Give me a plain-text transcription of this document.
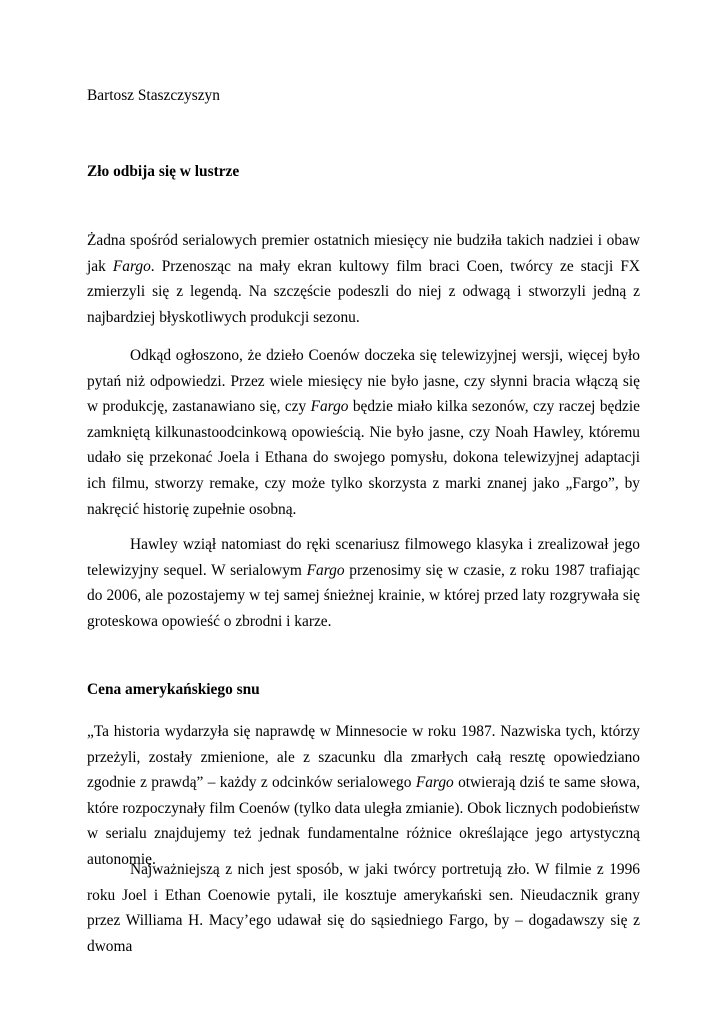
Bartosz Staszczyszyn
Zło odbija się w lustrze

Żadna spośród serialowych premier ostatnich miesięcy nie budziła takich nadziei i obaw jak Fargo. Przenosząc na mały ekran kultowy film braci Coen, twórcy ze stacji FX zmierzyli się z legendą. Na szczęście podeszli do niej z odwagą i stworzyli jedną z najbardziej błyskotliwych produkcji sezonu.

Odkąd ogłoszono, że dzieło Coenów doczeka się telewizyjnej wersji, więcej było pytań niż odpowiedzi. Przez wiele miesięcy nie było jasne, czy słynni bracia włączą się w produkcję, zastanawiano się, czy Fargo będzie miało kilka sezonów, czy raczej będzie zamkniętą kilkunastoodcinkową opowieścią. Nie było jasne, czy Noah Hawley, któremu udało się przekonać Joela i Ethana do swojego pomysłu, dokona telewizyjnej adaptacji ich filmu, stworzy remake, czy może tylko skorzysta z marki znanej jako „Fargo”, by nakręcić historię zupełnie osobną.

Hawley wziął natomiast do ręki scenariusz filmowego klasyka i zrealizował jego telewizyjny sequel. W serialowym Fargo przenosimy się w czasie, z roku 1987 trafiając do 2006, ale pozostajemy w tej samej śnieżnej krainie, w której przed laty rozgrywała się groteskowa opowieść o zbrodni i karze.

Cena amerykańskiego snu

„Ta historia wydarzyła się naprawdę w Minnesocie w roku 1987. Nazwiska tych, którzy przeżyli, zostały zmienione, ale z szacunku dla zmarłych całą resztę opowiedziano zgodnie z prawdą” – każdy z odcinków serialowego Fargo otwierają dziś te same słowa, które rozpoczynały film Coenów (tylko data uległa zmianie). Obok licznych podobieństw w serialu znajdujemy też jednak fundamentalne różnice określające jego artystyczną autonomię.

Najważniejszą z nich jest sposób, w jaki twórcy portretują zło. W filmie z 1996 roku Joel i Ethan Coenowie pytali, ile kosztuje amerykański sen. Nieudacznik grany przez Williama H. Macy’ego udawał się do sąsiedniego Fargo, by – dogadawszy się z dwoma
